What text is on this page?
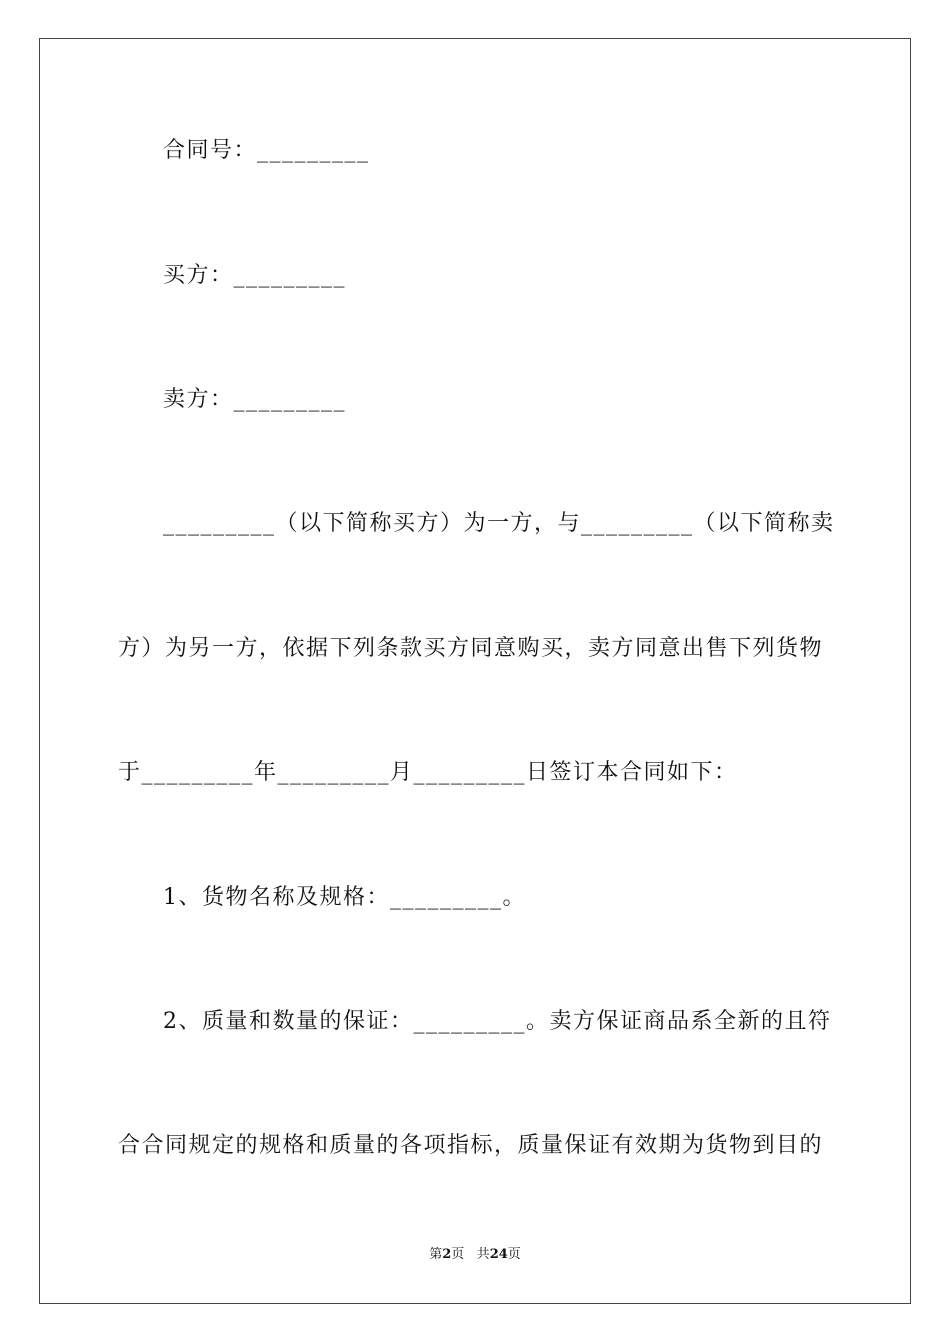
合同号：_________
买方：_________
卖方：_________
_________（以下简称买方）为一方，与_________（以下简称卖
方）为另一方，依据下列条款买方同意购买，卖方同意出售下列货物
于_________年_________月_________日签订本合同如下：
1、货物名称及规格：_________。
2、质量和数量的保证：_________。卖方保证商品系全新的且符
合合同规定的规格和质量的各项指标，质量保证有效期为货物到目的
第2页 共24页
